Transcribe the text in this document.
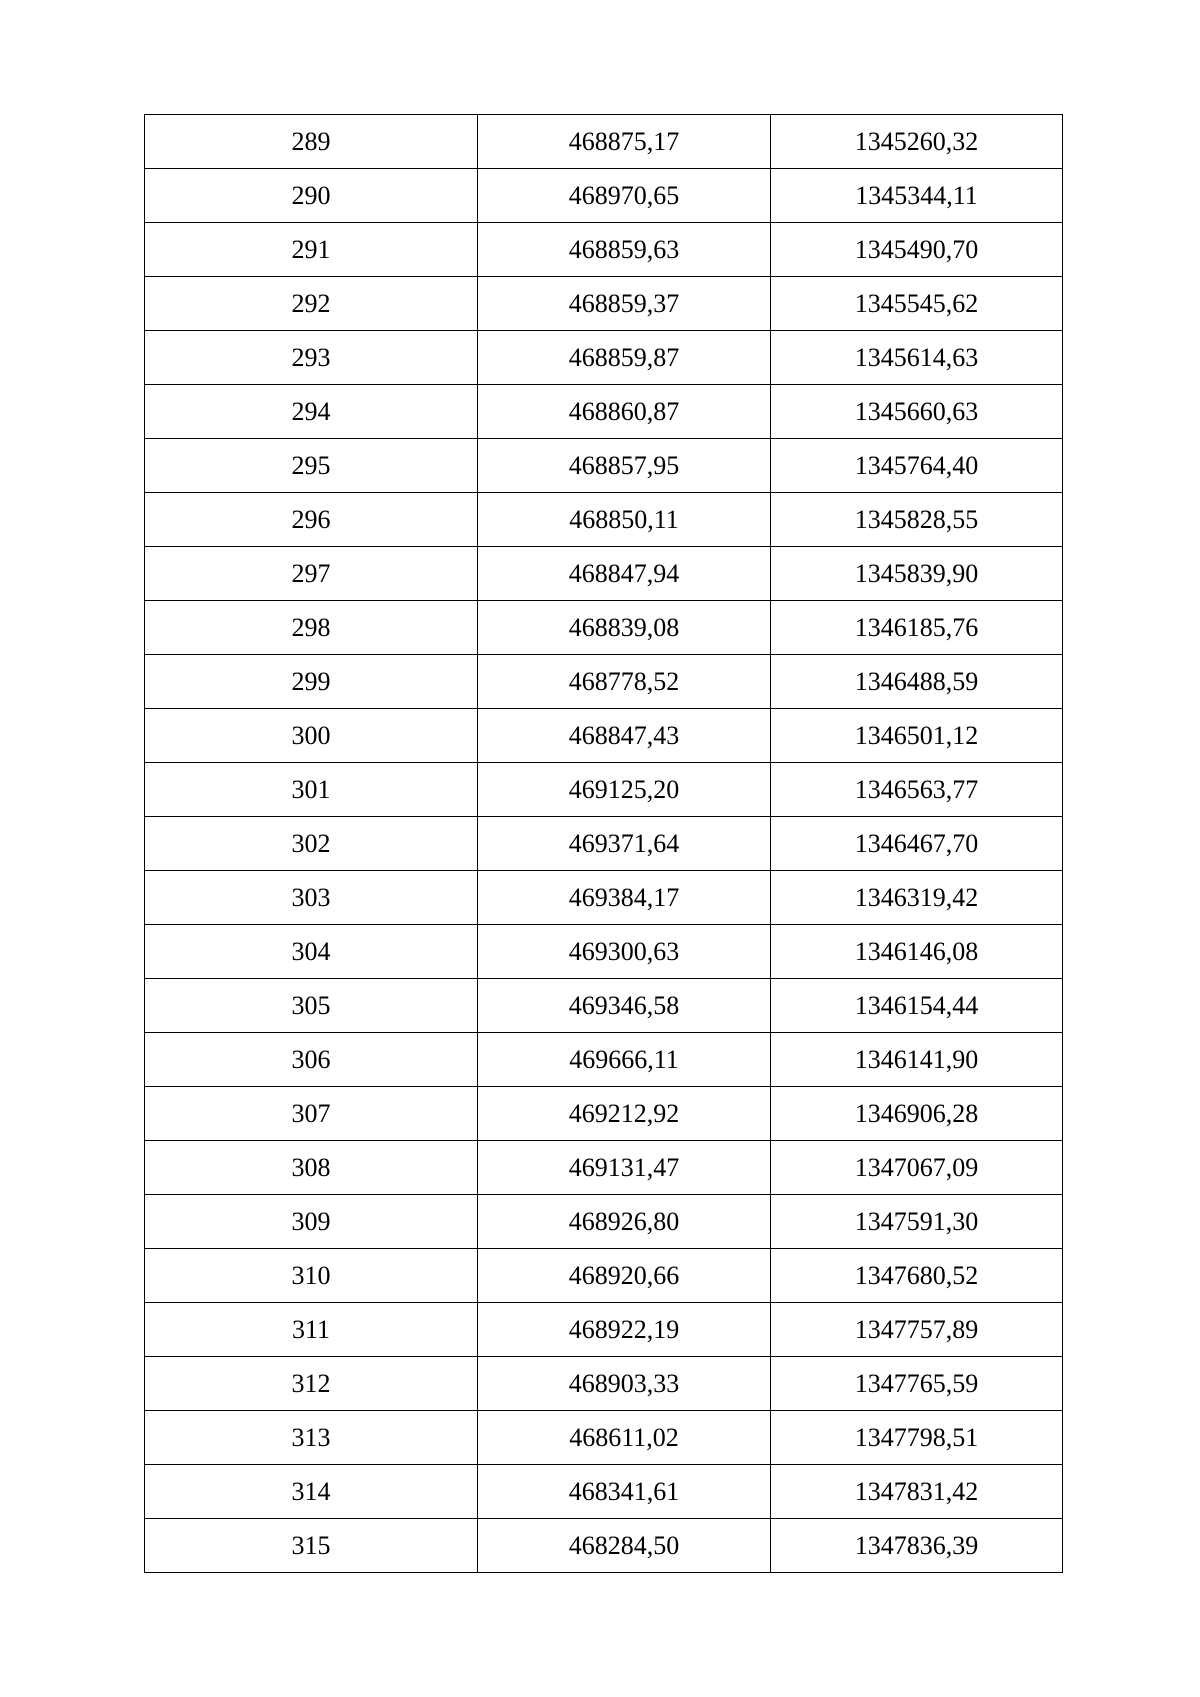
289	468875,17	1345260,32
290	468970,65	1345344,11
291	468859,63	1345490,70
292	468859,37	1345545,62
293	468859,87	1345614,63
294	468860,87	1345660,63
295	468857,95	1345764,40
296	468850,11	1345828,55
297	468847,94	1345839,90
298	468839,08	1346185,76
299	468778,52	1346488,59
300	468847,43	1346501,12
301	469125,20	1346563,77
302	469371,64	1346467,70
303	469384,17	1346319,42
304	469300,63	1346146,08
305	469346,58	1346154,44
306	469666,11	1346141,90
307	469212,92	1346906,28
308	469131,47	1347067,09
309	468926,80	1347591,30
310	468920,66	1347680,52
311	468922,19	1347757,89
312	468903,33	1347765,59
313	468611,02	1347798,51
314	468341,61	1347831,42
315	468284,50	1347836,39
